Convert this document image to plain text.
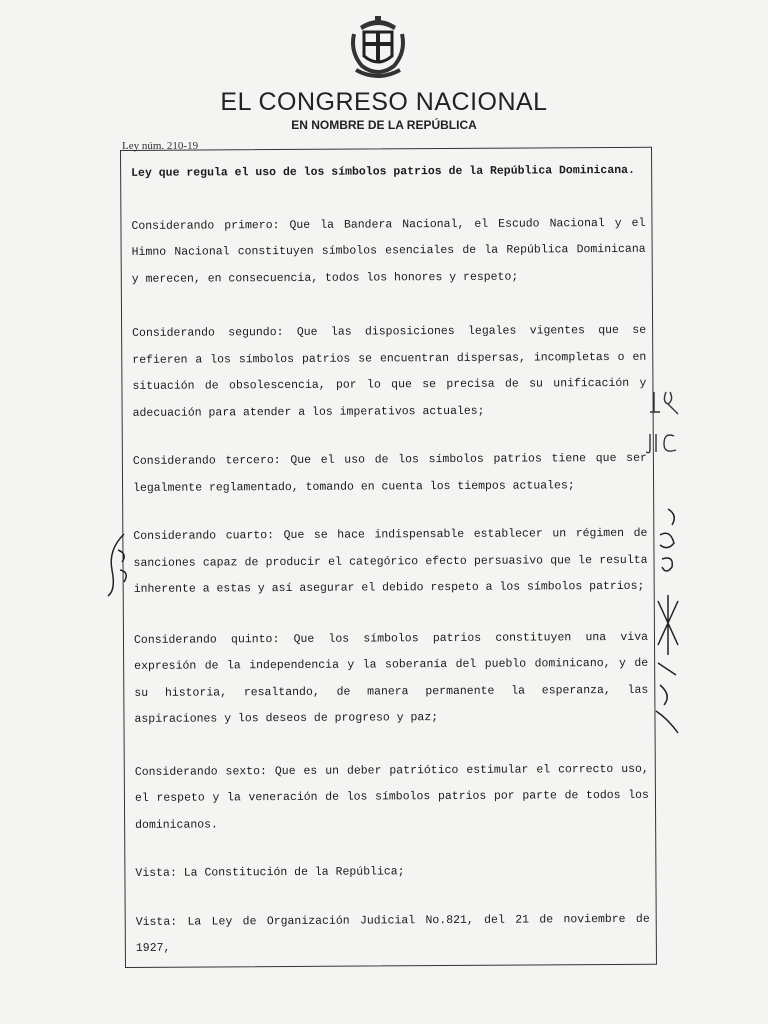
EL CONGRESO NACIONAL
EN NOMBRE DE LA REPÚBLICA
Ley núm. 210-19

Ley que regula el uso de los símbolos patrios de la República Dominicana.

Considerando primero: Que la Bandera Nacional, el Escudo Nacional y el Himno Nacional constituyen símbolos esenciales de la República Dominicana y merecen, en consecuencia, todos los honores y respeto;

Considerando segundo: Que las disposiciones legales vigentes que se refieren a los símbolos patrios se encuentran dispersas, incompletas o en situación de obsolescencia, por lo que se precisa de su unificación y adecuación para atender a los imperativos actuales;

Considerando tercero: Que el uso de los símbolos patrios tiene que ser legalmente reglamentado, tomando en cuenta los tiempos actuales;

Considerando cuarto: Que se hace indispensable establecer un régimen de sanciones capaz de producir el categórico efecto persuasivo que le resulta inherente a estas y así asegurar el debido respeto a los símbolos patrios;

Considerando quinto: Que los símbolos patrios constituyen una viva expresión de la independencia y la soberanía del pueblo dominicano, y de su historia, resaltando, de manera permanente la esperanza, las aspiraciones y los deseos de progreso y paz;

Considerando sexto: Que es un deber patriótico estimular el correcto uso, el respeto y la veneración de los símbolos patrios por parte de todos los dominicanos.

Vista: La Constitución de la República;

Vista: La Ley de Organización Judicial No.821, del 21 de noviembre de 1927,
